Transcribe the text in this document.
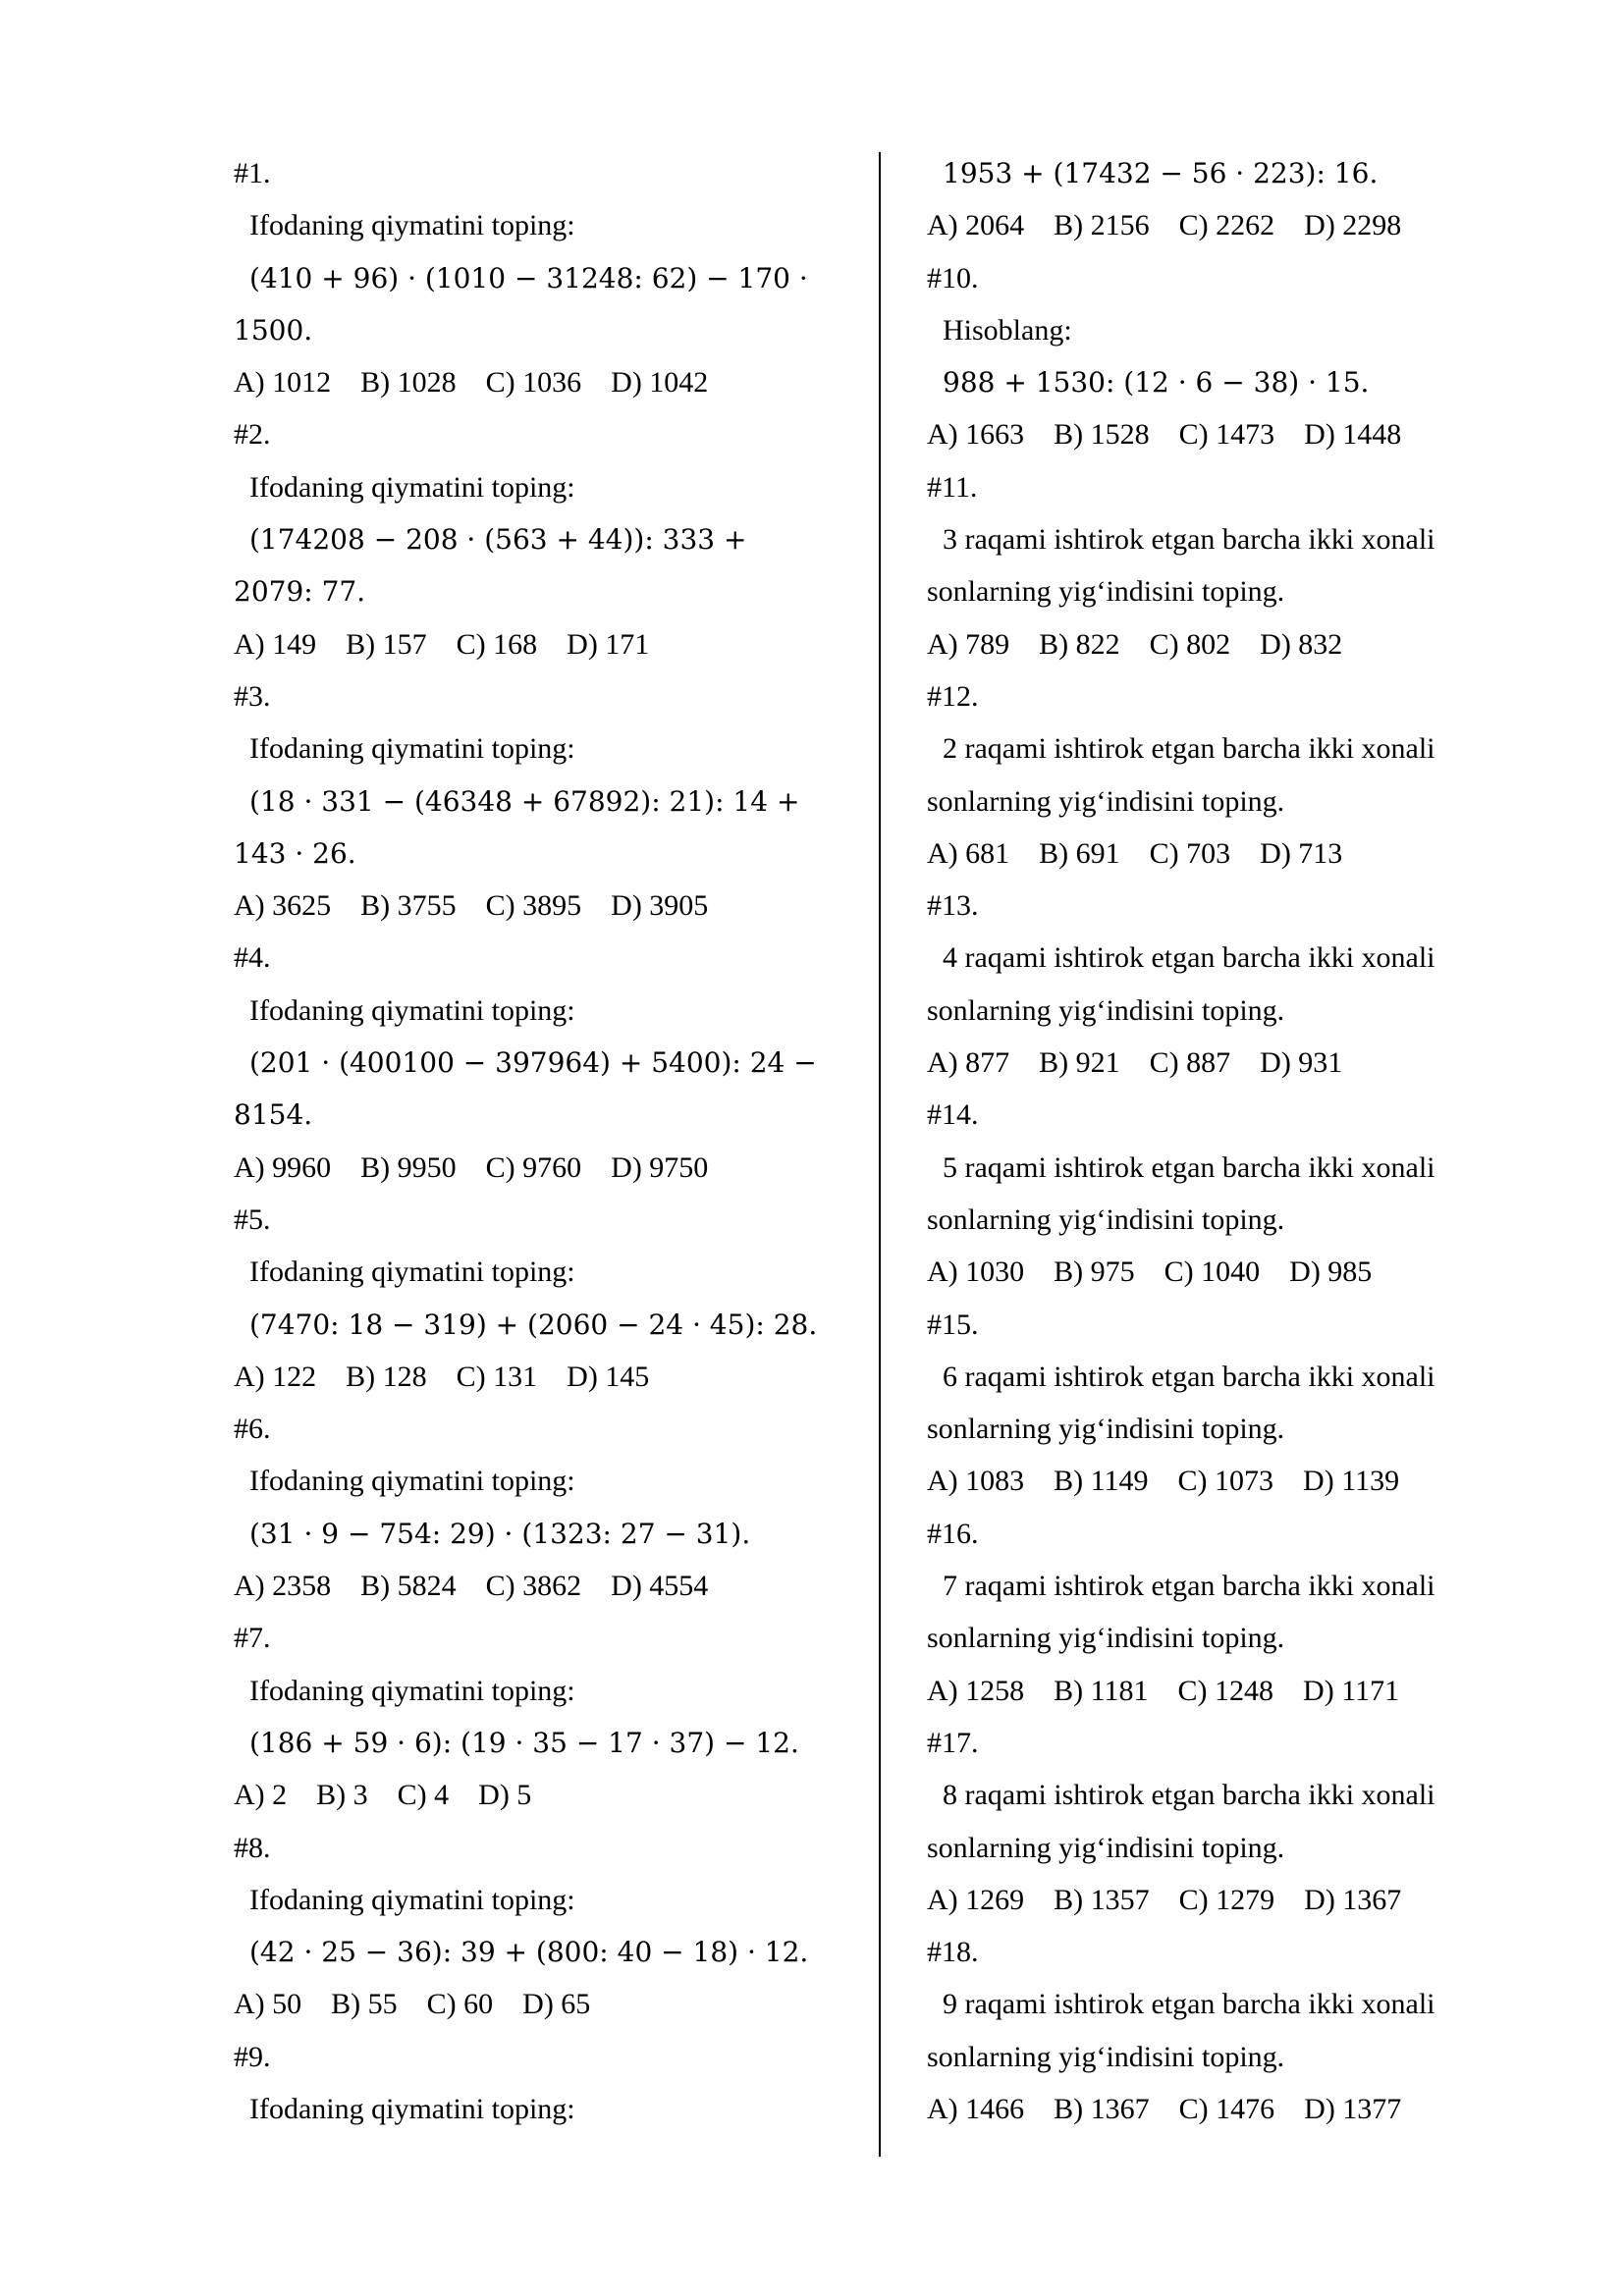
#1.
Ifodaning qiymatini toping:
(410 + 96) · (1010 − 31248: 62) − 170 ·
1500.
A) 1012 B) 1028 C) 1036 D) 1042
#2.
Ifodaning qiymatini toping:
(174208 − 208 · (563 + 44)): 333 +
2079: 77.
A) 149 B) 157 C) 168 D) 171
#3.
Ifodaning qiymatini toping:
(18 · 331 − (46348 + 67892): 21): 14 +
143 · 26.
A) 3625 B) 3755 C) 3895 D) 3905
#4.
Ifodaning qiymatini toping:
(201 · (400100 − 397964) + 5400): 24 −
8154.
A) 9960 B) 9950 C) 9760 D) 9750
#5.
Ifodaning qiymatini toping:
(7470: 18 − 319) + (2060 − 24 · 45): 28.
A) 122 B) 128 C) 131 D) 145
#6.
Ifodaning qiymatini toping:
(31 · 9 − 754: 29) · (1323: 27 − 31).
A) 2358 B) 5824 C) 3862 D) 4554
#7.
Ifodaning qiymatini toping:
(186 + 59 · 6): (19 · 35 − 17 · 37) − 12.
A) 2 B) 3 C) 4 D) 5
#8.
Ifodaning qiymatini toping:
(42 · 25 − 36): 39 + (800: 40 − 18) · 12.
A) 50 B) 55 C) 60 D) 65
#9.
Ifodaning qiymatini toping:
1953 + (17432 − 56 · 223): 16.
A) 2064 B) 2156 C) 2262 D) 2298
#10.
Hisoblang:
988 + 1530: (12 · 6 − 38) · 15.
A) 1663 B) 1528 C) 1473 D) 1448
#11.
3 raqami ishtirok etgan barcha ikki xonali
sonlarning yig‘indisini toping.
A) 789 B) 822 C) 802 D) 832
#12.
2 raqami ishtirok etgan barcha ikki xonali
sonlarning yig‘indisini toping.
A) 681 B) 691 C) 703 D) 713
#13.
4 raqami ishtirok etgan barcha ikki xonali
sonlarning yig‘indisini toping.
A) 877 B) 921 C) 887 D) 931
#14.
5 raqami ishtirok etgan barcha ikki xonali
sonlarning yig‘indisini toping.
A) 1030 B) 975 C) 1040 D) 985
#15.
6 raqami ishtirok etgan barcha ikki xonali
sonlarning yig‘indisini toping.
A) 1083 B) 1149 C) 1073 D) 1139
#16.
7 raqami ishtirok etgan barcha ikki xonali
sonlarning yig‘indisini toping.
A) 1258 B) 1181 C) 1248 D) 1171
#17.
8 raqami ishtirok etgan barcha ikki xonali
sonlarning yig‘indisini toping.
A) 1269 B) 1357 C) 1279 D) 1367
#18.
9 raqami ishtirok etgan barcha ikki xonali
sonlarning yig‘indisini toping.
A) 1466 B) 1367 C) 1476 D) 1377
